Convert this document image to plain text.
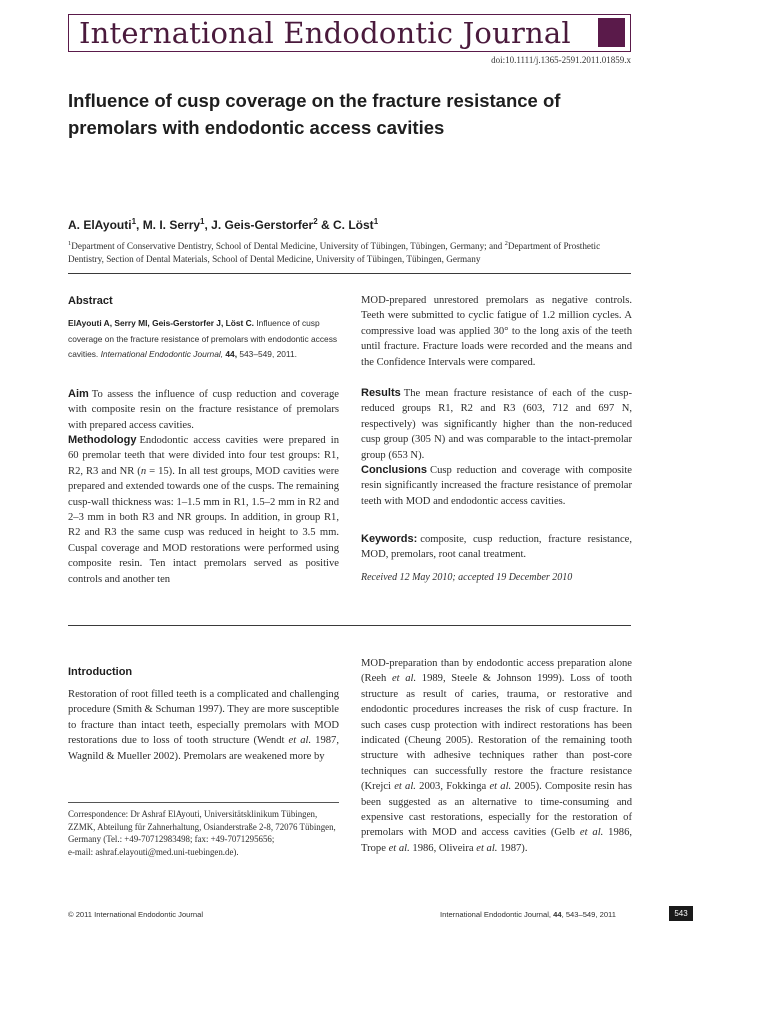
International Endodontic Journal
doi:10.1111/j.1365-2591.2011.01859.x
Influence of cusp coverage on the fracture resistance of premolars with endodontic access cavities
A. ElAyouti$^1$, M. I. Serry$^1$, J. Geis-Gerstorfer$^2$ & C. Löst$^1$
$^1$Department of Conservative Dentistry, School of Dental Medicine, University of Tübingen, Tübingen, Germany; and $^2$Department of Prosthetic Dentistry, Section of Dental Materials, School of Dental Medicine, University of Tübingen, Tübingen, Germany
Abstract
ElAyouti A, Serry MI, Geis-Gerstorfer J, Löst C. Influence of cusp coverage on the fracture resistance of premolars with endodontic access cavities. International Endodontic Journal, 44, 543–549, 2011.
Aim To assess the influence of cusp reduction and coverage with composite resin on the fracture resistance of premolars with prepared access cavities.
Methodology Endodontic access cavities were prepared in 60 premolar teeth that were divided into four test groups: R1, R2, R3 and NR (n = 15). In all test groups, MOD cavities were prepared and extended towards one of the cusps. The remaining cusp-wall thickness was: 1–1.5 mm in R1, 1.5–2 mm in R2 and 2–3 mm in both R3 and NR groups. In addition, in group R1, R2 and R3 the same cusp was reduced in height to 3.5 mm. Cuspal coverage and MOD restorations were performed using composite resin. Ten intact premolars served as positive controls and another ten
MOD-prepared unrestored premolars as negative controls. Teeth were submitted to cyclic fatigue of 1.2 million cycles. A compressive load was applied 30° to the long axis of the teeth until fracture. Fracture loads were recorded and the means and the Confidence Intervals were compared.
Results The mean fracture resistance of each of the cusp-reduced groups R1, R2 and R3 (603, 712 and 697 N, respectively) was significantly higher than the non-reduced cusp group (305 N) and was comparable to the intact-premolar group (653 N).
Conclusions Cusp reduction and coverage with composite resin significantly increased the fracture resistance of premolar teeth with MOD and endodontic access cavities.
Keywords: composite, cusp reduction, fracture resistance, MOD, premolars, root canal treatment.
Received 12 May 2010; accepted 19 December 2010
Introduction
Restoration of root filled teeth is a complicated and challenging procedure (Smith & Schuman 1997). They are more susceptible to fracture than intact teeth, especially premolars with MOD restorations due to loss of tooth structure (Wendt et al. 1987, Wagnild & Mueller 2002). Premolars are weakened more by
MOD-preparation than by endodontic access preparation alone (Reeh et al. 1989, Steele & Johnson 1999). Loss of tooth structure as result of caries, trauma, or restorative and endodontic procedures increases the risk of cusp fracture. In such cases cusp protection with indirect restorations has been indicated (Cheung 2005). Restoration of the remaining tooth structure with adhesive techniques rather than post-core techniques can successfully restore the fracture resistance (Krejci et al. 2003, Fokkinga et al. 2005). Composite resin has been suggested as an alternative to time-consuming and expensive cast restorations, especially for the restoration of premolars with MOD and access cavities (Gelb et al. 1986, Trope et al. 1986, Oliveira et al. 1987).
Correspondence: Dr Ashraf ElAyouti, Universitätsklinikum Tübingen, ZZMK, Abteilung für Zahnerhaltung, Osianderstraße 2-8, 72076 Tübingen, Germany (Tel.: +49-70712983498; fax: +49-7071295656;
e-mail: ashraf.elayouti@med.uni-tuebingen.de).
© 2011 International Endodontic Journal	International Endodontic Journal, 44, 543–549, 2011	543
